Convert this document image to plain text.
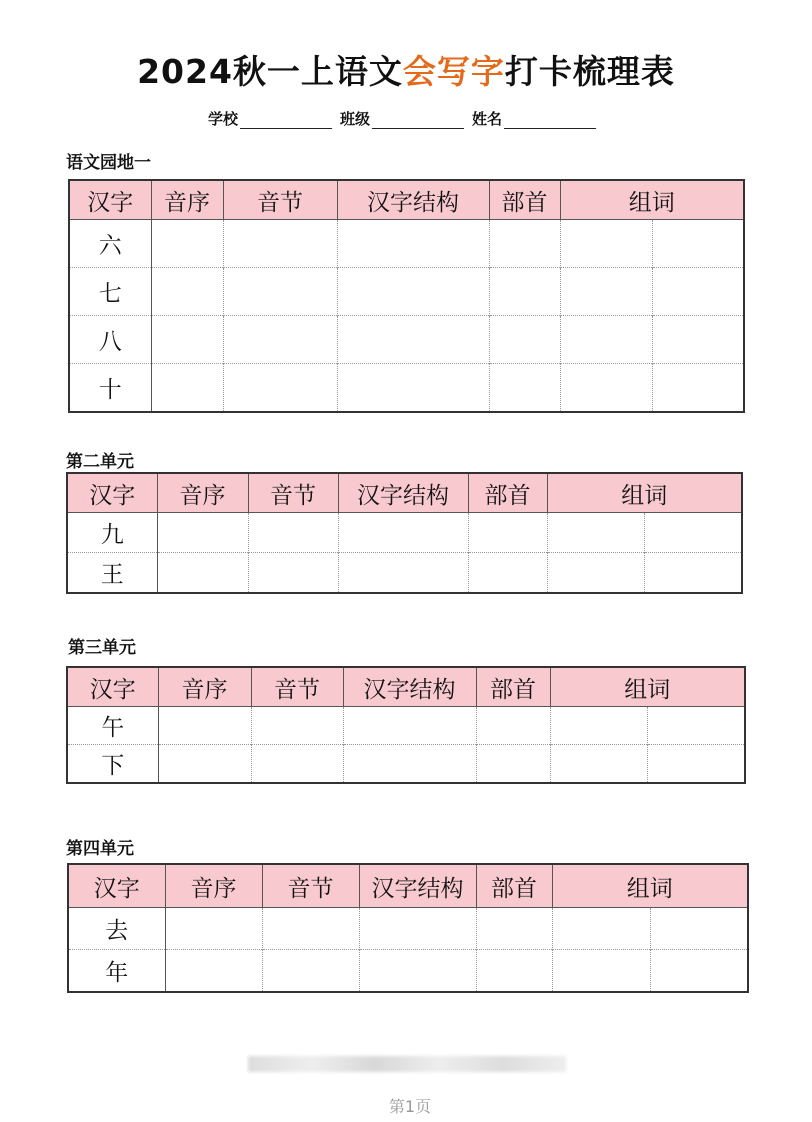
2024秋一上语文会写字打卡梳理表
学校	班级	姓名
语文园地一
汉字	音序	音节	汉字结构	部首	组词	
六						
七						
八						
十						
第二单元
汉字	音序	音节	汉字结构	部首	组词	
九						
王						
第三单元
汉字	音序	音节	汉字结构	部首	组词	
午						
下						
第四单元
汉字	音序	音节	汉字结构	部首	组词	
去						
年						
第1页
